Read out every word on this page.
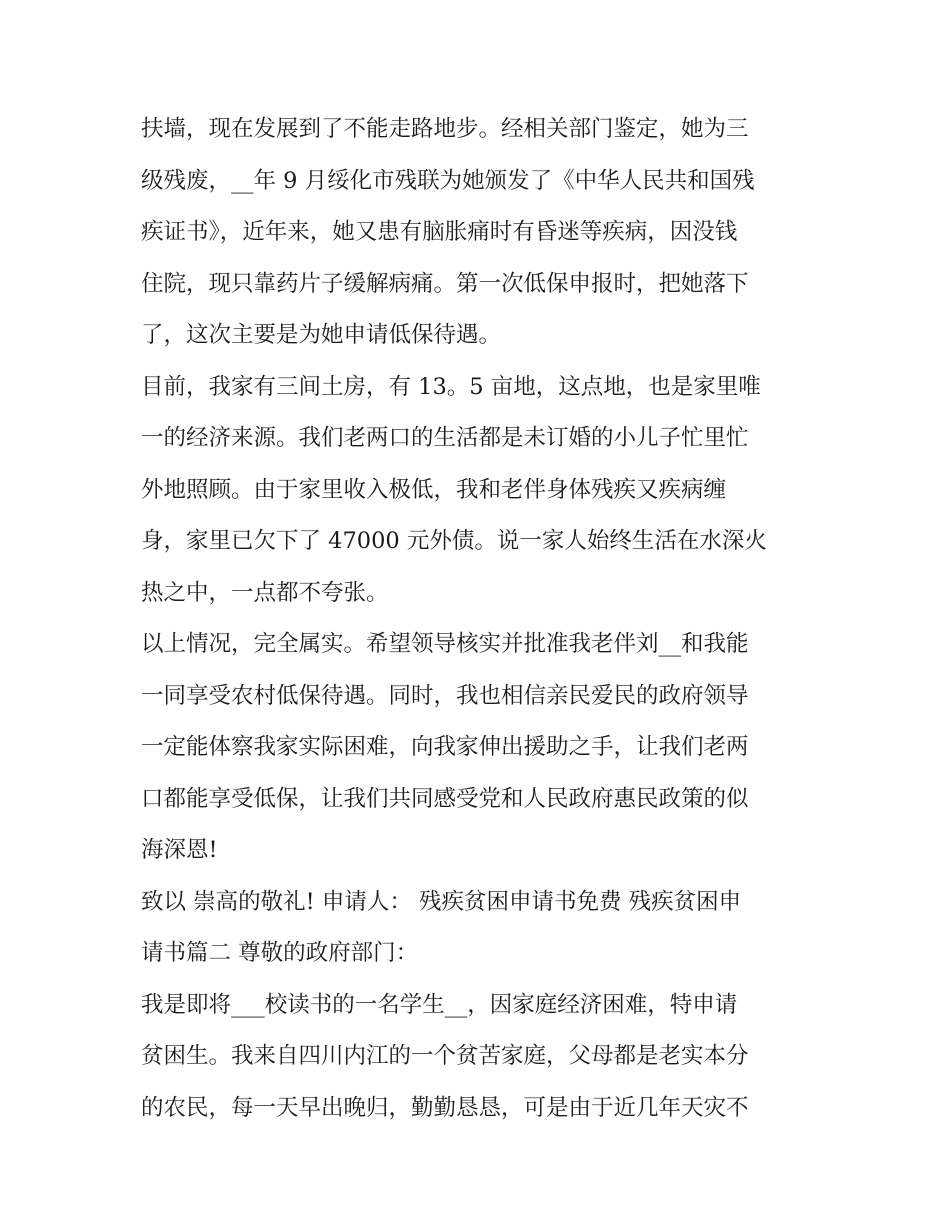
扶墙，现在发展到了不能走路地步。经相关部门鉴定，她为三
级残废，__年 9 月绥化市残联为她颁发了《中华人民共和国残
疾证书》，近年来，她又患有脑胀痛时有昏迷等疾病，因没钱
住院，现只靠药片子缓解病痛。第一次低保申报时，把她落下
了，这次主要是为她申请低保待遇。
目前，我家有三间土房，有 13。5 亩地，这点地，也是家里唯
一的经济来源。我们老两口的生活都是未订婚的小儿子忙里忙
外地照顾。由于家里收入极低，我和老伴身体残疾又疾病缠
身，家里已欠下了 47000 元外债。说一家人始终生活在水深火
热之中，一点都不夸张。
以上情况，完全属实。希望领导核实并批准我老伴刘__和我能
一同享受农村低保待遇。同时，我也相信亲民爱民的政府领导
一定能体察我家实际困难，向我家伸出援助之手，让我们老两
口都能享受低保，让我们共同感受党和人民政府惠民政策的似
海深恩!
致以 崇高的敬礼! 申请人： 残疾贫困申请书免费 残疾贫困申
请书篇二 尊敬的政府部门：
我是即将___校读书的一名学生__，因家庭经济困难，特申请
贫困生。我来自四川内江的一个贫苦家庭，父母都是老实本分
的农民，每一天早出晚归，勤勤恳恳，可是由于近几年天灾不
